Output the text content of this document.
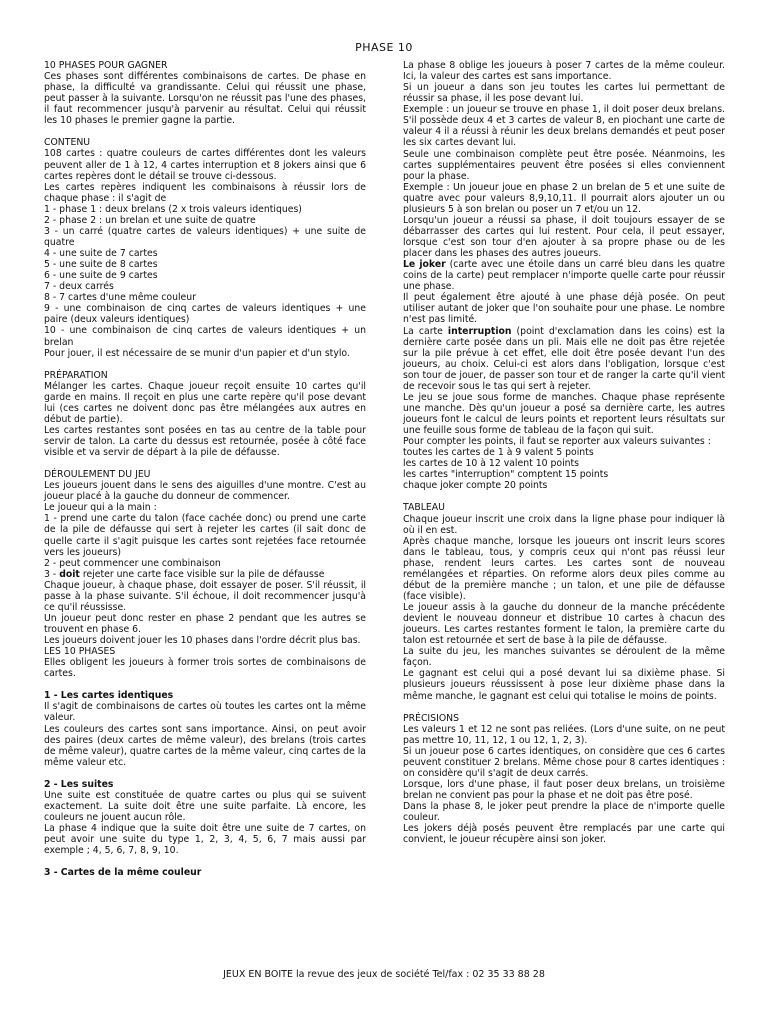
PHASE 10

10 PHASES POUR GAGNER

Ces phases sont différentes combinaisons de cartes. De phase en phase, la difficulté va grandissante. Celui qui réussit une phase, peut passer à la suivante. Lorsqu'on ne réussit pas l'une des phases, il faut recommencer jusqu'à parvenir au résultat. Celui qui réussit les 10 phases le premier gagne la partie.

CONTENU

108 cartes : quatre couleurs de cartes différentes dont les valeurs peuvent aller de 1 à 12, 4 cartes interruption et 8 jokers ainsi que 6 cartes repères dont le détail se trouve ci-dessous.

Les cartes repères indiquent les combinaisons à réussir lors de chaque phase : il s'agit de

1 - phase 1 : deux brelans (2 x trois valeurs identiques)

2 - phase 2 : un brelan et une suite de quatre

3 - un carré (quatre cartes de valeurs identiques) + une suite de quatre

4 - une suite de 7 cartes

5 - une suite de 8 cartes

6 - une suite de 9 cartes

7 - deux carrés

8 - 7 cartes d'une même couleur

9 - une combinaison de cinq cartes de valeurs identiques + une paire (deux valeurs identiques)

10 - une combinaison de cinq cartes de valeurs identiques + un brelan

Pour jouer, il est nécessaire de se munir d'un papier et d'un stylo.

PRÉPARATION

Mélanger les cartes. Chaque joueur reçoit ensuite 10 cartes qu'il garde en mains. Il reçoit en plus une carte repère qu'il pose devant lui (ces cartes ne doivent donc pas être mélangées aux autres en début de partie).

Les cartes restantes sont posées en tas au centre de la table pour servir de talon. La carte du dessus est retournée, posée à côté face visible et va servir de départ à la pile de défausse.

DÉROULEMENT DU JEU

Les joueurs jouent dans le sens des aiguilles d'une montre. C'est au joueur placé à la gauche du donneur de commencer.

Le joueur qui a la main :

1 - prend une carte du talon (face cachée donc) ou prend une carte de la pile de défausse qui sert à rejeter les cartes (il sait donc de quelle carte il s'agit puisque les cartes sont rejetées face retournée vers les joueurs)

2 - peut commencer une combinaison

3 - doit rejeter une carte face visible sur la pile de défausse

Chaque joueur, à chaque phase, doit essayer de poser. S'il réussit, il passe à la phase suivante. S'il échoue, il doit recommencer jusqu'à ce qu'il réussisse.

Un joueur peut donc rester en phase 2 pendant que les autres se trouvent en phase 6.

Les joueurs doivent jouer les 10 phases dans l'ordre décrit plus bas.

LES 10 PHASES

Elles obligent les joueurs à former trois sortes de combinaisons de cartes.

1 - Les cartes identiques

Il s'agit de combinaisons de cartes où toutes les cartes ont la même valeur.

Les couleurs des cartes sont sans importance. Ainsi, on peut avoir des paires (deux cartes de même valeur), des brelans (trois cartes de même valeur), quatre cartes de la même valeur, cinq cartes de la même valeur etc.

2 - Les suites

Une suite est constituée de quatre cartes ou plus qui se suivent exactement. La suite doit être une suite parfaite. Là encore, les couleurs ne jouent aucun rôle.

La phase 4 indique que la suite doit être une suite de 7 cartes, on peut avoir une suite du type 1, 2, 3, 4, 5, 6, 7 mais aussi par exemple ; 4, 5, 6, 7, 8, 9, 10.

3 - Cartes de la même couleur

La phase 8 oblige les joueurs à poser 7 cartes de la même couleur. Ici, la valeur des cartes est sans importance.

Si un joueur a dans son jeu toutes les cartes lui permettant de réussir sa phase, il les pose devant lui.

Exemple : un joueur se trouve en phase 1, il doit poser deux brelans. S'il possède deux 4 et 3 cartes de valeur 8, en piochant une carte de valeur 4 il a réussi à réunir les deux brelans demandés et peut poser les six cartes devant lui.

Seule une combinaison complète peut être posée. Néanmoins, les cartes supplémentaires peuvent être posées si elles conviennent pour la phase.

Exemple : Un joueur joue en phase 2 un brelan de 5 et une suite de quatre avec pour valeurs 8,9,10,11. Il pourrait alors ajouter un ou plusieurs 5 à son brelan ou poser un 7 et/ou un 12.

Lorsqu'un joueur a réussi sa phase, il doit toujours essayer de se débarrasser des cartes qui lui restent. Pour cela, il peut essayer, lorsque c'est son tour d'en ajouter à sa propre phase ou de les placer dans les phases des autres joueurs.

Le joker (carte avec une étoile dans un carré bleu dans les quatre coins de la carte) peut remplacer n'importe quelle carte pour réussir une phase.

Il peut également être ajouté à une phase déjà posée. On peut utiliser autant de joker que l'on souhaite pour une phase. Le nombre n'est pas limité.

La carte interruption (point d'exclamation dans les coins) est la dernière carte posée dans un pli. Mais elle ne doit pas être rejetée sur la pile prévue à cet effet, elle doit être posée devant l'un des joueurs, au choix. Celui-ci est alors dans l'obligation, lorsque c'est son tour de jouer, de passer son tour et de ranger la carte qu'il vient de recevoir sous le tas qui sert à rejeter.

Le jeu se joue sous forme de manches. Chaque phase représente une manche. Dès qu'un joueur a posé sa dernière carte, les autres joueurs font le calcul de leurs points et reportent leurs résultats sur une feuille sous forme de tableau de la façon qui suit.

Pour compter les points, il faut se reporter aux valeurs suivantes :

toutes les cartes de 1 à 9 valent 5 points

les cartes de 10 à 12 valent 10 points

les cartes "interruption" comptent 15 points

chaque joker compte 20 points

TABLEAU

Chaque joueur inscrit une croix dans la ligne phase pour indiquer là où il en est.

Après chaque manche, lorsque les joueurs ont inscrit leurs scores dans le tableau, tous, y compris ceux qui n'ont pas réussi leur phase, rendent leurs cartes. Les cartes sont de nouveau remélangées et réparties. On reforme alors deux piles comme au début de la première manche ; un talon, et une pile de défausse (face visible).

Le joueur assis à la gauche du donneur de la manche précédente devient le nouveau donneur et distribue 10 cartes à chacun des joueurs. Les cartes restantes forment le talon, la première carte du talon est retournée et sert de base à la pile de défausse.

La suite du jeu, les manches suivantes se déroulent de la même façon.

Le gagnant est celui qui a posé devant lui sa dixième phase. Si plusieurs joueurs réussissent à pose leur dixième phase dans la même manche, le gagnant est celui qui totalise le moins de points.

PRÉCISIONS

Les valeurs 1 et 12 ne sont pas reliées. (Lors d'une suite, on ne peut pas mettre 10, 11, 12, 1 ou 12, 1, 2, 3).

Si un joueur pose 6 cartes identiques, on considère que ces 6 cartes peuvent constituer 2 brelans. Même chose pour 8 cartes identiques : on considère qu'il s'agit de deux carrés.

Lorsque, lors d'une phase, il faut poser deux brelans, un troisième brelan ne convient pas pour la phase et ne doit pas être posé.

Dans la phase 8, le joker peut prendre la place de n'importe quelle couleur.

Les jokers déjà posés peuvent être remplacés par une carte qui convient, le joueur récupère ainsi son joker.

JEUX EN BOITE la revue des jeux de société Tel/fax : 02 35 33 88 28
